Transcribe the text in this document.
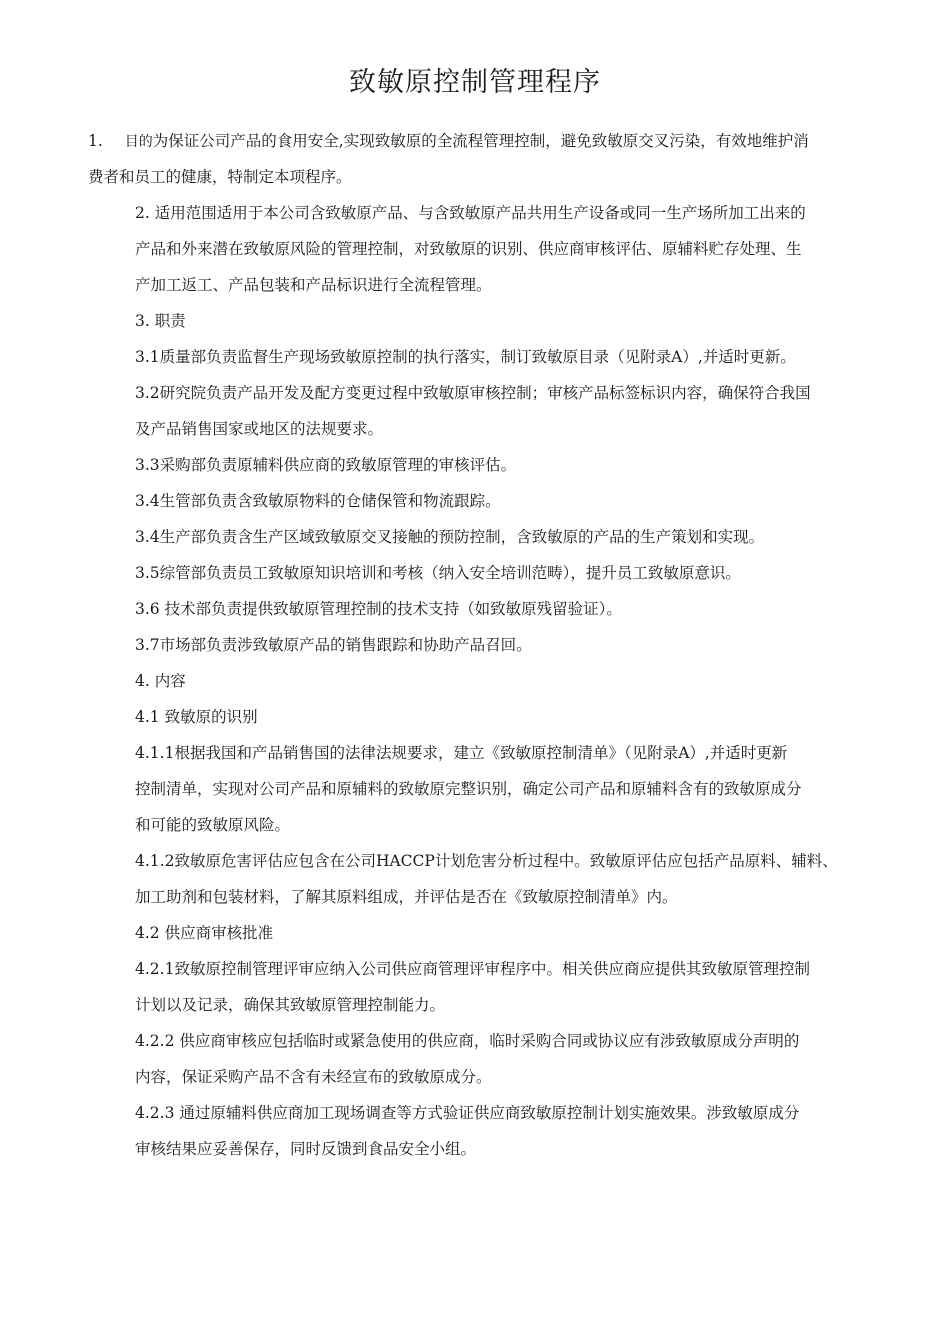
致敏原控制管理程序

1. 目的为保证公司产品的食用安全,实现致敏原的全流程管理控制，避免致敏原交叉污染，有效地维护消

费者和员工的健康，特制定本项程序。

2. 适用范围适用于本公司含致敏原产品、与含致敏原产品共用生产设备或同一生产场所加工出来的

产品和外来潜在致敏原风险的管理控制，对致敏原的识别、供应商审核评估、原辅料贮存处理、生

产加工返工、产品包装和产品标识进行全流程管理。

3. 职责

3.1质量部负责监督生产现场致敏原控制的执行落实，制订致敏原目录（见附录A）,并适时更新。

3.2研究院负责产品开发及配方变更过程中致敏原审核控制；审核产品标签标识内容，确保符合我国

及产品销售国家或地区的法规要求。

3.3采购部负责原辅料供应商的致敏原管理的审核评估。

3.4生管部负责含致敏原物料的仓储保管和物流跟踪。

3.4生产部负责含生产区域致敏原交叉接触的预防控制，含致敏原的产品的生产策划和实现。

3.5综管部负责员工致敏原知识培训和考核（纳入安全培训范畴），提升员工致敏原意识。

3.6 技术部负责提供致敏原管理控制的技术支持（如致敏原残留验证）。

3.7市场部负责涉致敏原产品的销售跟踪和协助产品召回。

4. 内容

4.1 致敏原的识别

4.1.1根据我国和产品销售国的法律法规要求，建立《致敏原控制清单》（见附录A）,并适时更新

控制清单，实现对公司产品和原辅料的致敏原完整识别，确定公司产品和原辅料含有的致敏原成分

和可能的致敏原风险。

4.1.2致敏原危害评估应包含在公司HACCP计划危害分析过程中。致敏原评估应包括产品原料、辅料、

加工助剂和包装材料，了解其原料组成，并评估是否在《致敏原控制清单》内。

4.2 供应商审核批准

4.2.1致敏原控制管理评审应纳入公司供应商管理评审程序中。相关供应商应提供其致敏原管理控制

计划以及记录，确保其致敏原管理控制能力。

4.2.2 供应商审核应包括临时或紧急使用的供应商，临时采购合同或协议应有涉致敏原成分声明的

内容，保证采购产品不含有未经宣布的致敏原成分。

4.2.3 通过原辅料供应商加工现场调查等方式验证供应商致敏原控制计划实施效果。涉致敏原成分

审核结果应妥善保存，同时反馈到食品安全小组。
